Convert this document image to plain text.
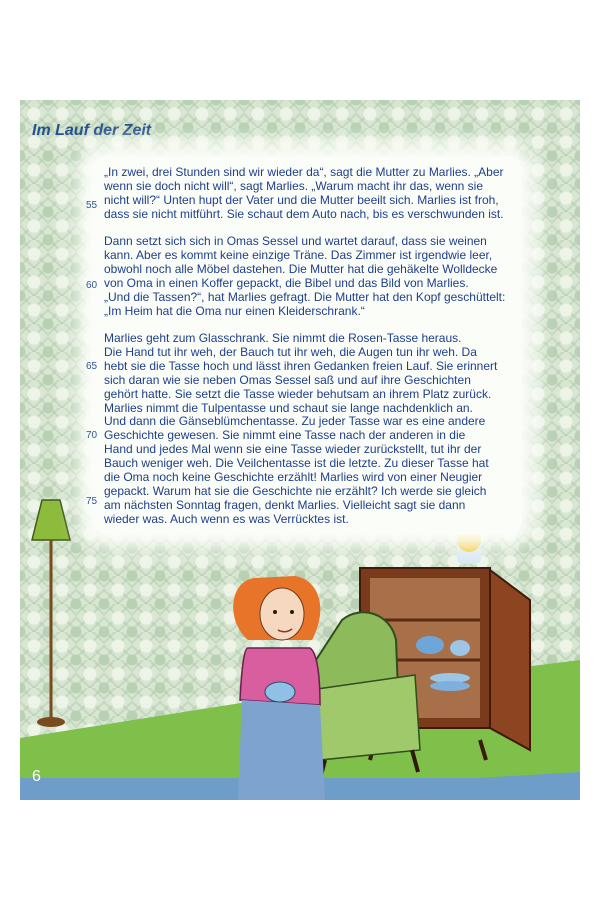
Im Lauf der Zeit

„In zwei, drei Stunden sind wir wieder da“, sagt die Mutter zu Marlies. „Aber
wenn sie doch nicht will“, sagt Marlies. „Warum macht ihr das, wenn sie
nicht will?“ Unten hupt der Vater und die Mutter beeilt sich. Marlies ist froh,
dass sie nicht mitführt. Sie schaut dem Auto nach, bis es verschwunden ist.

Dann setzt sich sich in Omas Sessel und wartet darauf, dass sie weinen
kann. Aber es kommt keine einzige Träne. Das Zimmer ist irgendwie leer,
obwohl noch alle Möbel dastehen. Die Mutter hat die gehäkelte Wolldecke
von Oma in einen Koffer gepackt, die Bibel und das Bild von Marlies.
„Und die Tassen?“, hat Marlies gefragt. Die Mutter hat den Kopf geschüttelt:
„Im Heim hat die Oma nur einen Kleiderschrank.“

Marlies geht zum Glasschrank. Sie nimmt die Rosen-Tasse heraus.
Die Hand tut ihr weh, der Bauch tut ihr weh, die Augen tun ihr weh. Da
hebt sie die Tasse hoch und lässt ihren Gedanken freien Lauf. Sie erinnert
sich daran wie sie neben Omas Sessel saß und auf ihre Geschichten
gehört hatte. Sie setzt die Tasse wieder behutsam an ihrem Platz zurück.
Marlies nimmt die Tulpentasse und schaut sie lange nachdenklich an.
Und dann die Gänseblümchentasse. Zu jeder Tasse war es eine andere
Geschichte gewesen. Sie nimmt eine Tasse nach der anderen in die
Hand und jedes Mal wenn sie eine Tasse wieder zurückstellt, tut ihr der
Bauch weniger weh. Die Veilchentasse ist die letzte. Zu dieser Tasse hat
die Oma noch keine Geschichte erzählt! Marlies wird von einer Neugier
gepackt. Warum hat sie die Geschichte nie erzählt? Ich werde sie gleich
am nächsten Sonntag fragen, denkt Marlies. Vielleicht sagt sie dann
wieder was. Auch wenn es was Verrücktes ist.

55
60
65
70
75
6
